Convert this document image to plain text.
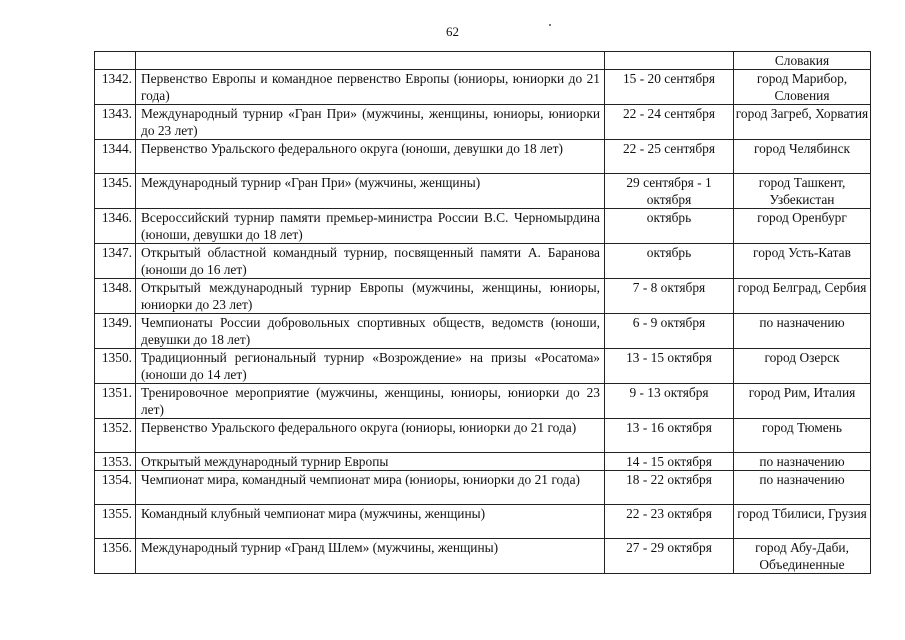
62
			Словакия
1342.	Первенство Европы и командное первенство Европы (юниоры, юниорки до 21 года)	15 - 20 сентября	город Марибор, Словения
1343.	Международный турнир «Гран При» (мужчины, женщины, юниоры, юниорки до 23 лет)	22 - 24 сентября	город Загреб, Хорватия
1344.	Первенство Уральского федерального округа (юноши, девушки до 18 лет)	22 - 25 сентября	город Челябинск
1345.	Международный турнир «Гран При» (мужчины, женщины)	29 сентября - 1 октября	город Ташкент, Узбекистан
1346.	Всероссийский турнир памяти премьер-министра России В.С. Черномырдина (юноши, девушки до 18 лет)	октябрь	город Оренбург
1347.	Открытый областной командный турнир, посвященный памяти А. Баранова (юноши до 16 лет)	октябрь	город Усть-Катав
1348.	Открытый международный турнир Европы (мужчины, женщины, юниоры, юниорки до 23 лет)	7 - 8 октября	город Белград, Сербия
1349.	Чемпионаты России добровольных спортивных обществ, ведомств (юноши, девушки до 18 лет)	6 - 9 октября	по назначению
1350.	Традиционный региональный турнир «Возрождение» на призы «Росатома» (юноши до 14 лет)	13 - 15 октября	город Озерск
1351.	Тренировочное мероприятие (мужчины, женщины, юниоры, юниорки до 23 лет)	9 - 13 октября	город Рим, Италия
1352.	Первенство Уральского федерального округа (юниоры, юниорки до 21 года)	13 - 16 октября	город Тюмень
1353.	Открытый международный турнир Европы	14 - 15 октября	по назначению
1354.	Чемпионат мира, командный чемпионат мира (юниоры, юниорки до 21 года)	18 - 22 октября	по назначению
1355.	Командный клубный чемпионат мира (мужчины, женщины)	22 - 23 октября	город Тбилиси, Грузия
1356.	Международный турнир «Гранд Шлем» (мужчины, женщины)	27 - 29 октября	город Абу-Даби, Объединенные
